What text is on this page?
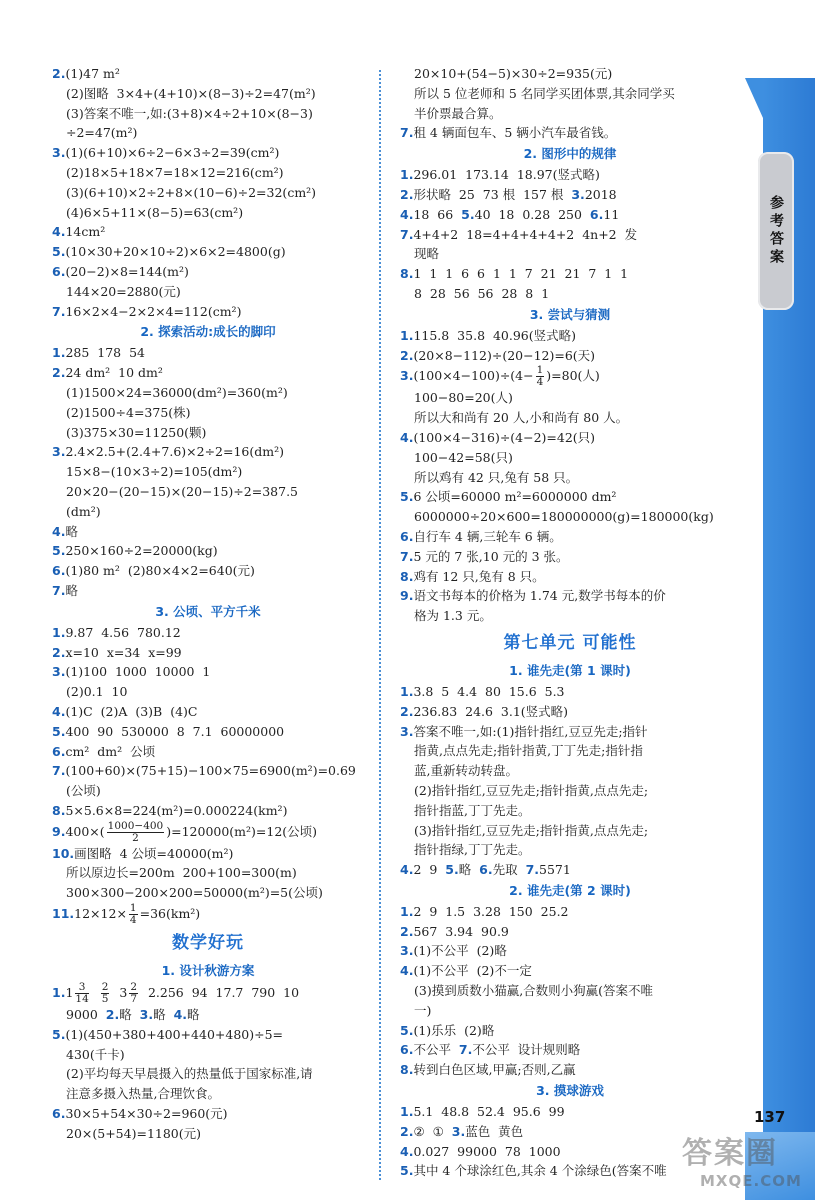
2.(1)47 m²
(2)图略  3×4+(4+10)×(8−3)÷2=47(m²)
(3)答案不唯一,如:(3+8)×4÷2+10×(8−3)
÷2=47(m²)
3.(1)(6+10)×6÷2−6×3÷2=39(cm²)
(2)18×5+18×7=18×12=216(cm²)
(3)(6+10)×2÷2+8×(10−6)÷2=32(cm²)
(4)6×5+11×(8−5)=63(cm²)
4.14cm²
5.(10×30+20×10÷2)×6×2=4800(g)
6.(20−2)×8=144(m²)
144×20=2880(元)
7.16×2×4−2×2×4=112(cm²)
2. 探索活动:成长的脚印
1.285  178  54
2.24 dm²  10 dm²
(1)1500×24=36000(dm²)=360(m²)
(2)1500÷4=375(株)
(3)375×30=11250(颗)
3.2.4×2.5+(2.4+7.6)×2÷2=16(dm²)
15×8−(10×3÷2)=105(dm²)
20×20−(20−15)×(20−15)÷2=387.5
(dm²)
4.略
5.250×160÷2=20000(kg)
6.(1)80 m²  (2)80×4×2=640(元)
7.略
3. 公顷、平方千米
1.9.87  4.56  780.12
2.x=10  x=34  x=99
3.(1)100  1000  10000  1
(2)0.1  10
4.(1)C  (2)A  (3)B  (4)C
5.400  90  530000  8  7.1  60000000
6.cm²  dm²  公顷
7.(100+60)×(75+15)−100×75=6900(m²)=0.69
(公顷)
8.5×5.6×8=224(m²)=0.000224(km²)
$9.400\times( \frac{1000-400}{2} )=120000(m^2)=12$(公顷)
10.画图略  4 公顷=40000(m²)
所以原边长=200m  200+100=300(m)
300×300−200×200=50000(m²)=5(公顷)
$11.12\times 12\times \frac{1}{4} =36(km^2)$
数学好玩
1. 设计秋游方案
$1.1 \frac{3}{14}$
$\frac{2}{5} 3 \frac{2}{7} 2.256$  94  17.7  790  10
9000  2.略  3.略  4.略
5.(1)(450+380+400+440+480)÷5=
430(千卡)
(2)平均每天早晨摄入的热量低于国家标准,请
注意多摄入热量,合理饮食。
6.30×5+54×30÷2=960(元)
20×(5+54)=1180(元)
20×10+(54−5)×30÷2=935(元)
所以 5 位老师和 5 名同学买团体票,其余同学买
半价票最合算。
7.租 4 辆面包车、5 辆小汽车最省钱。
2. 图形中的规律
1.296.01  173.14  18.97(竖式略)
2.形状略  25  73 根  157 根  3.2018
4.18  66  5.40  18  0.28  250  6.11
7.4+4+2  18=4+4+4+4+2  4n+2  发
现略
8.1  1  1  6  6  1  1  7  21  21  7  1  1
8  28  56  56  28  8  1
3. 尝试与猜测
1.115.8  35.8  40.96(竖式略)
2.(20×8−112)÷(20−12)=6(天)
$3.(100\times 4-100)\div(4- \frac{1}{4} )=80$(人)
100−80=20(人)
所以大和尚有 20 人,小和尚有 80 人。
4.(100×4−316)÷(4−2)=42(只)
100−42=58(只)
所以鸡有 42 只,兔有 58 只。
5.6 公顷=60000 m²=6000000 dm²
6000000÷20×600=180000000(g)=180000(kg)
6.自行车 4 辆,三轮车 6 辆。
7.5 元的 7 张,10 元的 3 张。
8.鸡有 12 只,兔有 8 只。
9.语文书每本的价格为 1.74 元,数学书每本的价
格为 1.3 元。
第七单元 可能性
1. 谁先走(第 1 课时)
1.3.8  5  4.4  80  15.6  5.3
2.236.83  24.6  3.1(竖式略)
3.答案不唯一,如:(1)指针指红,豆豆先走;指针
指黄,点点先走;指针指黄,丁丁先走;指针指
蓝,重新转动转盘。
(2)指针指红,豆豆先走;指针指黄,点点先走;
指针指蓝,丁丁先走。
(3)指针指红,豆豆先走;指针指黄,点点先走;
指针指绿,丁丁先走。
4.2  9  5.略  6.先取  7.5571
2. 谁先走(第 2 课时)
1.2  9  1.5  3.28  150  25.2
2.567  3.94  90.9
3.(1)不公平  (2)略
4.(1)不公平  (2)不一定
(3)摸到质数小猫赢,合数则小狗赢(答案不唯
一)
5.(1)乐乐  (2)略
6.不公平  7.不公平  设计规则略
8.转到白色区域,甲赢;否则,乙赢
3. 摸球游戏
1.5.1  48.8  52.4  95.6  99
2.②  ①  3.蓝色  黄色
4.0.027  99000  78  1000
5.其中 4 个球涂红色,其余 4 个涂绿色(答案不唯
参考答案
137
答案圈
MXQE.COM
